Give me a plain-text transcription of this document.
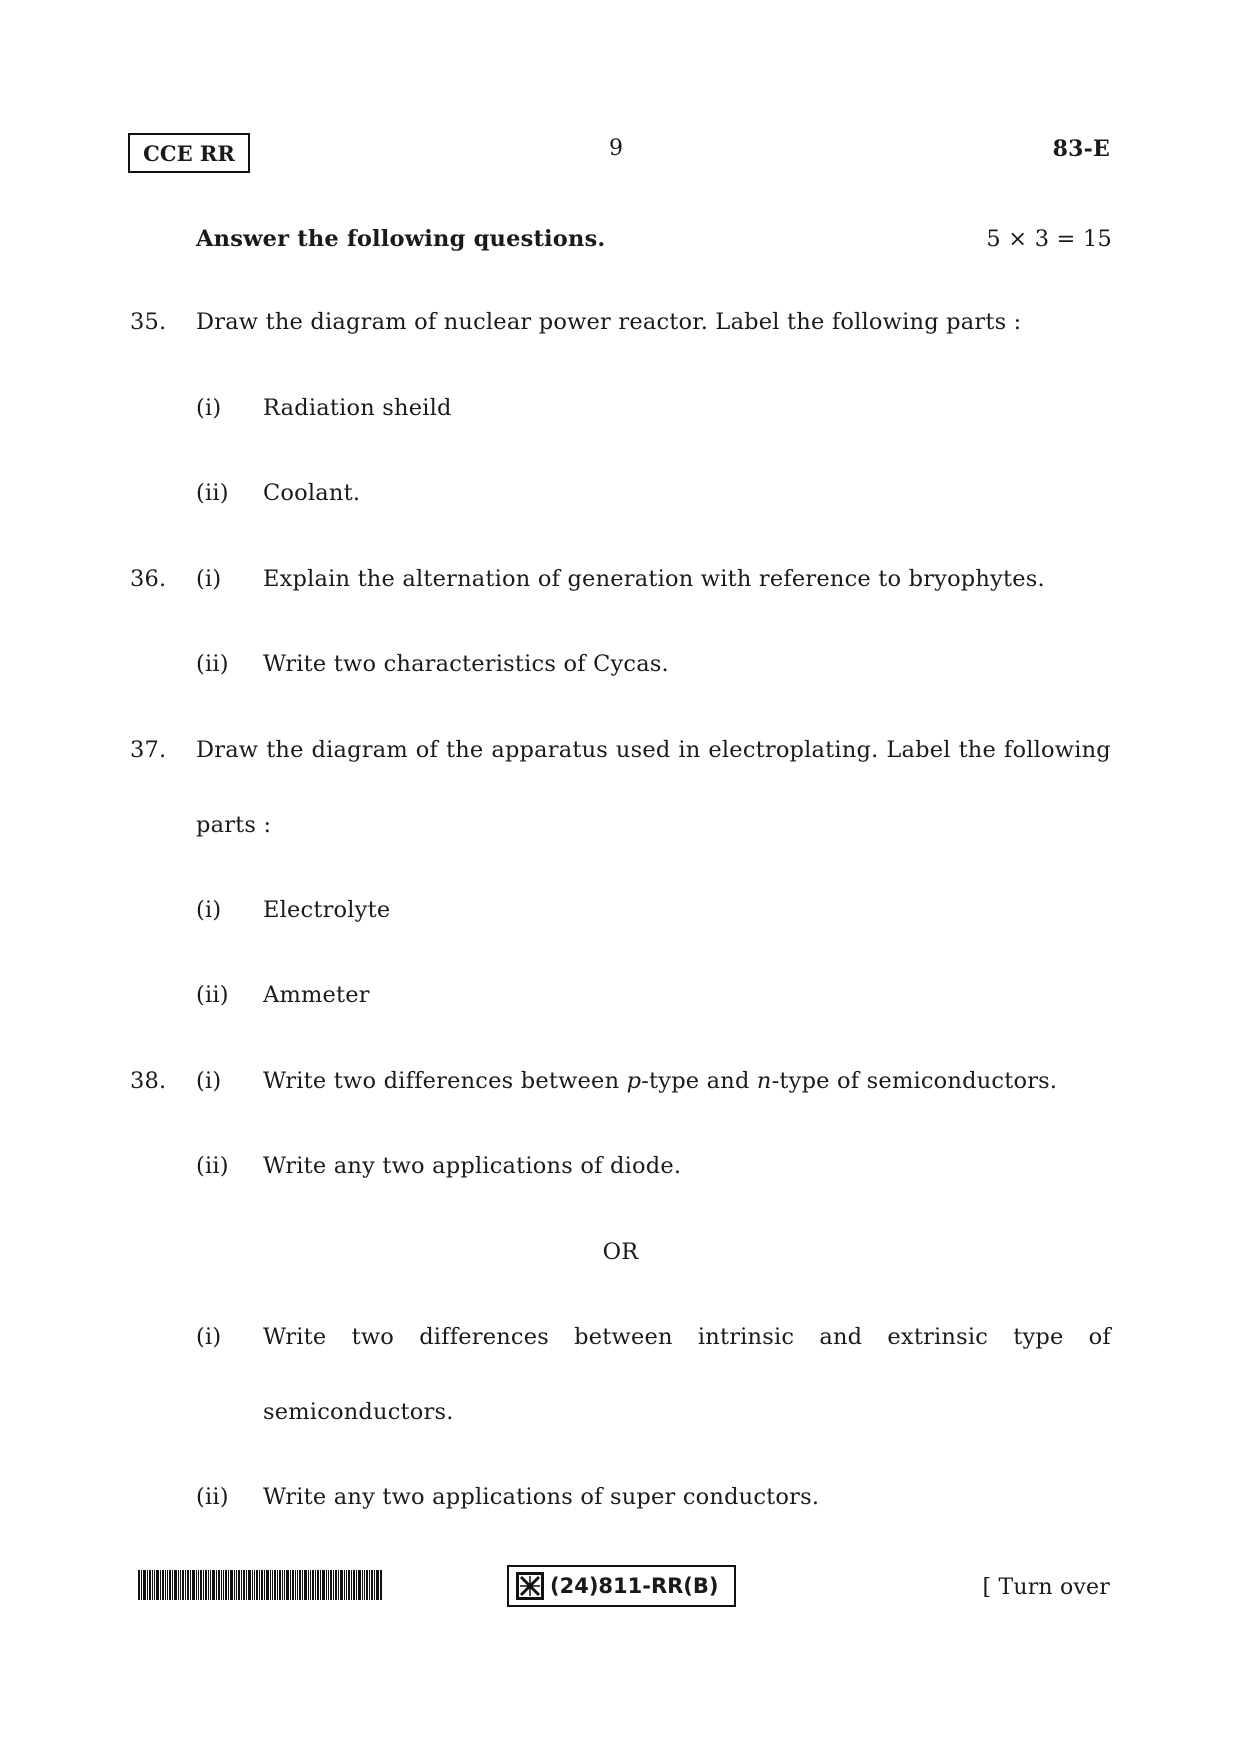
CCE RR	9	83-E
Answer the following questions.	5 × 3 = 15
35. Draw the diagram of nuclear power reactor. Label the following parts :
(i) Radiation sheild
(ii) Coolant.
36. (i) Explain the alternation of generation with reference to bryophytes.
(ii) Write two characteristics of Cycas.
37. Draw the diagram of the apparatus used in electroplating. Label the following
parts :
(i) Electrolyte
(ii) Ammeter
38. (i) Write two differences between p-type and n-type of semiconductors.
(ii) Write any two applications of diode.
OR
(i) Write two differences between intrinsic and extrinsic type of
semiconductors.
(ii) Write any two applications of super conductors.
(24)811-RR(B)	[ Turn over
